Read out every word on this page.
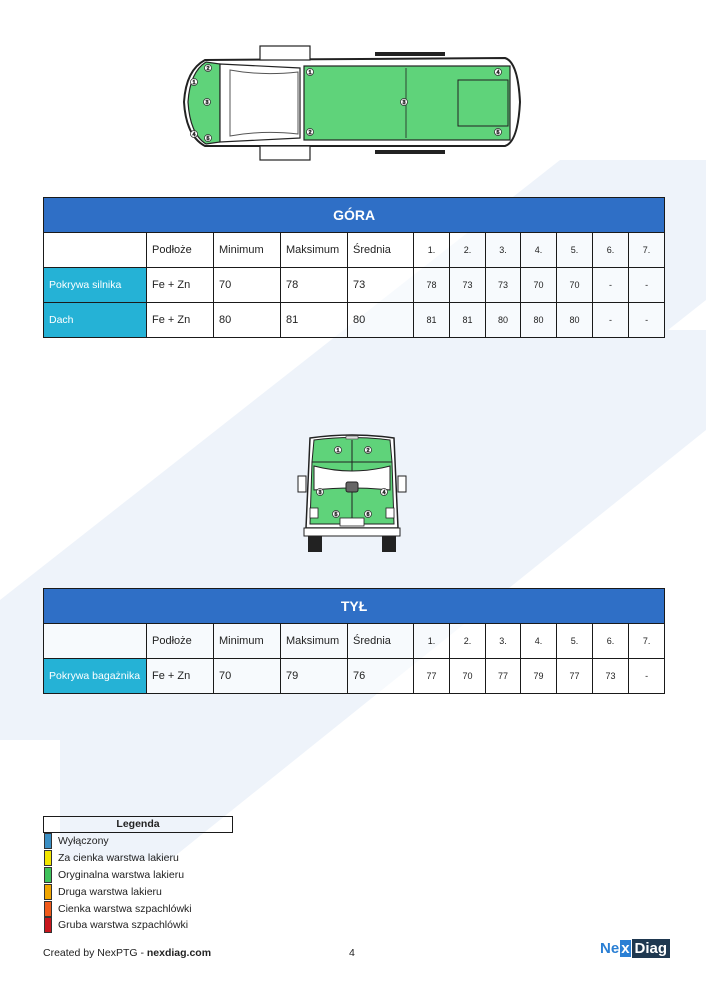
1
2
3
4
5
1
2
3
4
5
GÓRA											
	Podłoże	Minimum	Maksimum	Średnia	1.	2.	3.	4.	5.	6.	7.
Pokrywa silnika	Fe + Zn	70	78	73	78	73	73	70	70	-	-
Dach	Fe + Zn	80	81	80	81	81	80	80	80	-	-
1	2
3	4
5	6
TYŁ											
	Podłoże	Minimum	Maksimum	Średnia	1.	2.	3.	4.	5.	6.	7.
Pokrywa bagażnika	Fe + Zn	70	79	76	77	70	77	79	77	73	-
Legenda
Wyłączony
Za cienka warstwa lakieru
Oryginalna warstwa lakieru
Druga warstwa lakieru
Cienka warstwa szpachlówki
Gruba warstwa szpachlówki
Created by NexPTG - nexdiag.com	4	Ne x Diag
